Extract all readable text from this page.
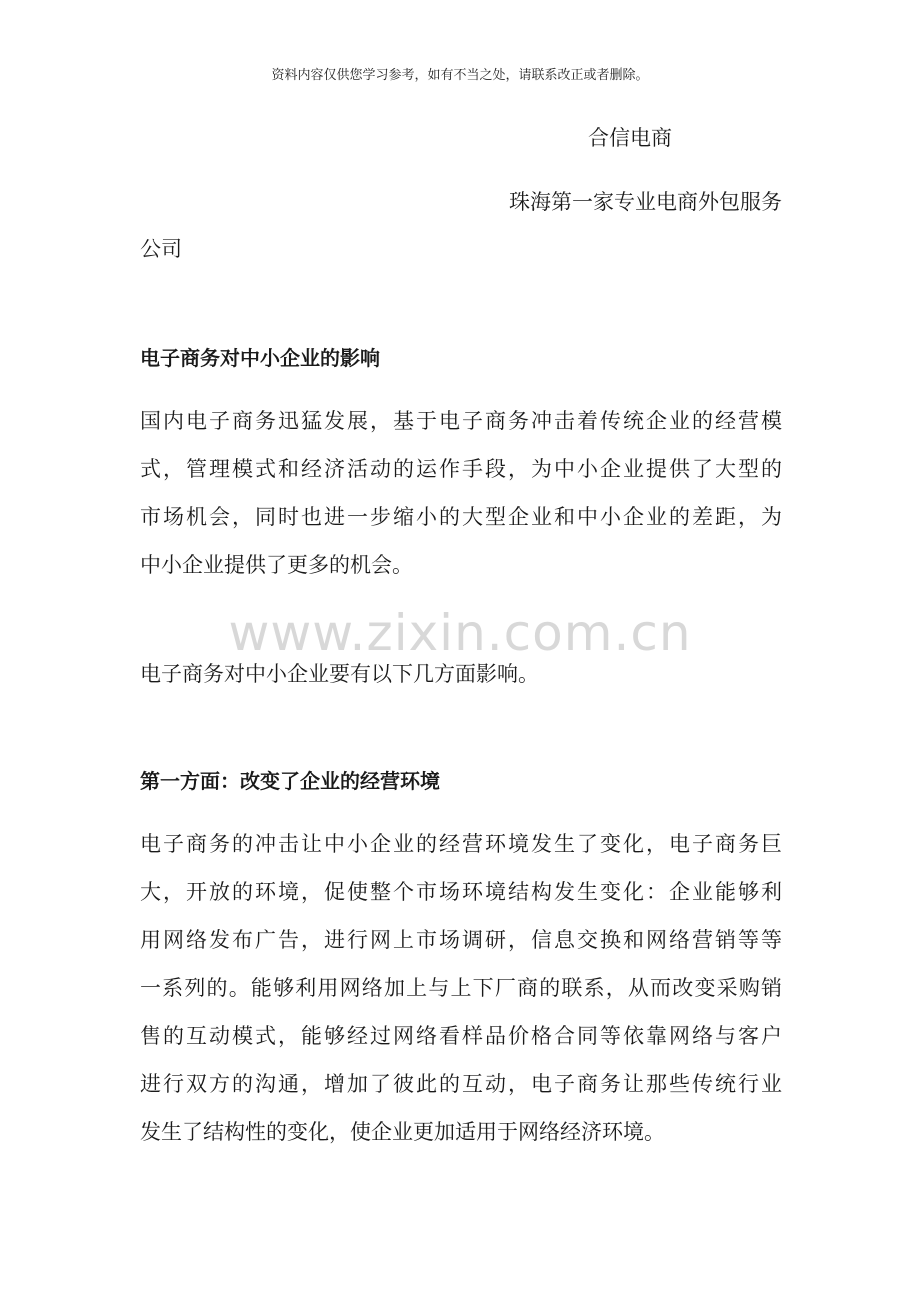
资料内容仅供您学习参考，如有不当之处，请联系改正或者删除。
合信电商
珠海第一家专业电商外包服务
公司
电子商务对中小企业的影响
国内电子商务迅猛发展，基于电子商务冲击着传统企业的经营模
式，管理模式和经济活动的运作手段，为中小企业提供了大型的
市场机会，同时也进一步缩小的大型企业和中小企业的差距，为
中小企业提供了更多的机会。
www.zixin.com.cn
电子商务对中小企业要有以下几方面影响。
第一方面：改变了企业的经营环境
电子商务的冲击让中小企业的经营环境发生了变化，电子商务巨
大，开放的环境，促使整个市场环境结构发生变化：企业能够利
用网络发布广告，进行网上市场调研，信息交换和网络营销等等
一系列的。能够利用网络加上与上下厂商的联系，从而改变采购销
售的互动模式，能够经过网络看样品价格合同等依靠网络与客户
进行双方的沟通，增加了彼此的互动，电子商务让那些传统行业
发生了结构性的变化，使企业更加适用于网络经济环境。
